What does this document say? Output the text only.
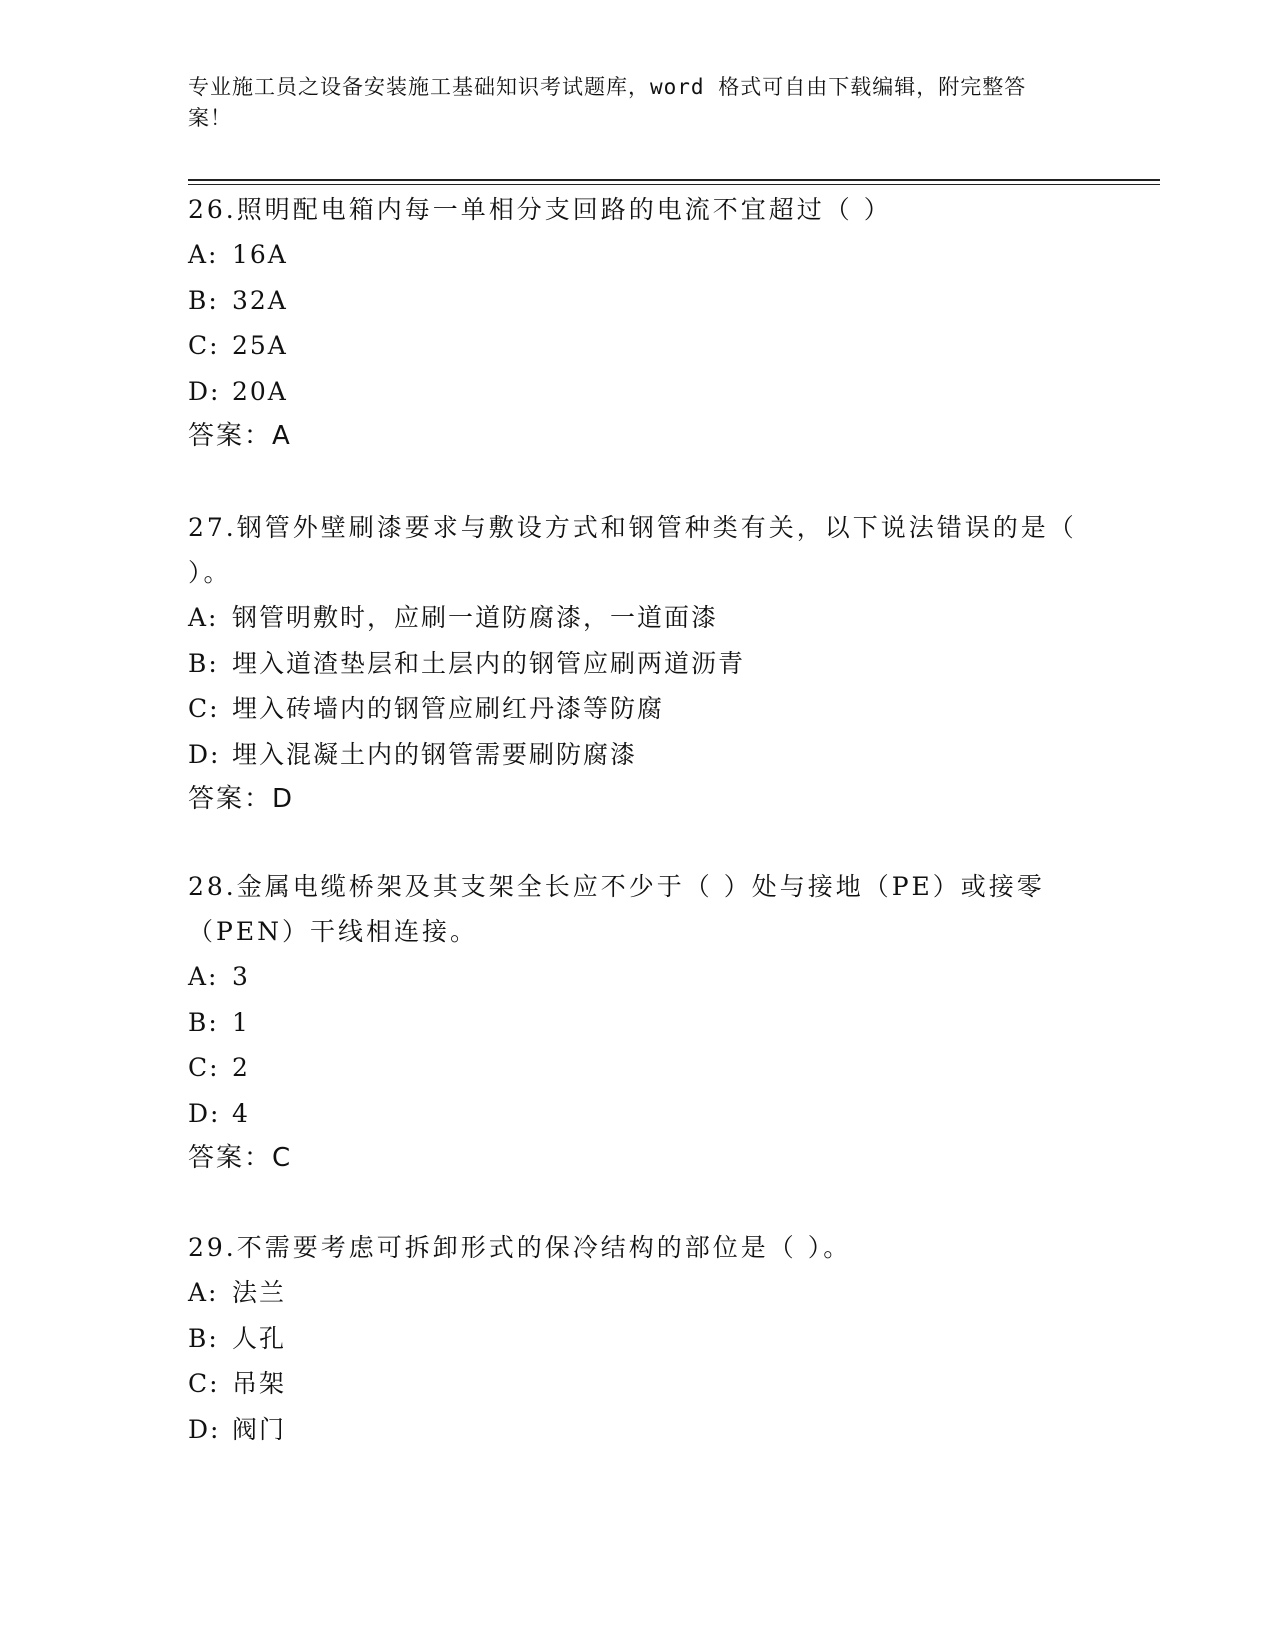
专业施工员之设备安装施工基础知识考试题库，word 格式可自由下载编辑，附完整答案！

26.照明配电箱内每一单相分支回路的电流不宜超过（ ）

A: 16A

B: 32A

C: 25A

D: 20A

答案：A

27.钢管外壁刷漆要求与敷设方式和钢管种类有关，以下说法错误的是（ ）。

A: 钢管明敷时，应刷一道防腐漆，一道面漆

B: 埋入道渣垫层和土层内的钢管应刷两道沥青

C: 埋入砖墙内的钢管应刷红丹漆等防腐

D: 埋入混凝土内的钢管需要刷防腐漆

答案：D

28.金属电缆桥架及其支架全长应不少于（ ）处与接地（PE）或接零（PEN）干线相连接。

A: 3

B: 1

C: 2

D: 4

答案：C

29.不需要考虑可拆卸形式的保冷结构的部位是（ ）。

A: 法兰

B: 人孔

C: 吊架

D: 阀门
